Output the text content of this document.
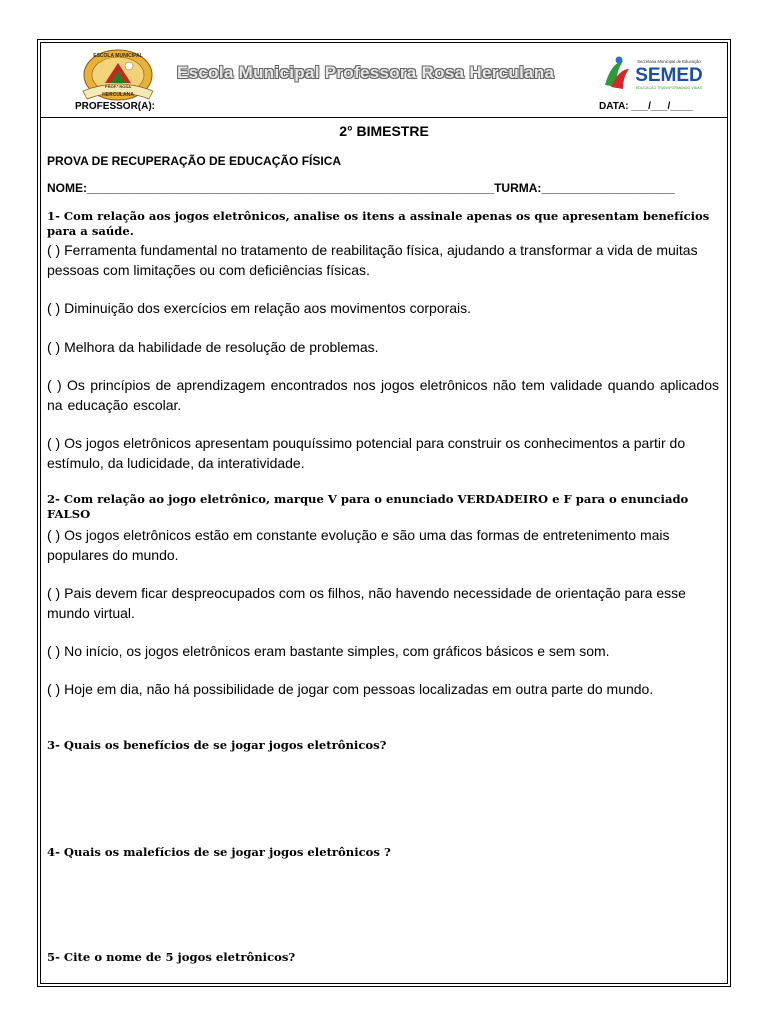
ESCOLA MUNICIPAL
PROF.ª ROSA
HERCULANA
Escola Municipal Professora Rosa Herculana
Secretaria Municipal de Educação
SEMED
EDUCAÇÃO TRANSFORMANDO VIDAS
PROFESSOR(A):	DATA: ___/___/____
2° BIMESTRE
PROVA DE RECUPERAÇÃO DE EDUCAÇÃO FÍSICA
NOME:_____________________________________________________________TURMA:____________________
1- Com relação aos jogos eletrônicos, analise os itens a assinale apenas os que apresentam benefícios para a saúde.
( ) Ferramenta fundamental no tratamento de reabilitação física, ajudando a transformar a vida de muitas pessoas com limitações ou com deficiências físicas.
( ) Diminuição dos exercícios em relação aos movimentos corporais.
( ) Melhora da habilidade de resolução de problemas.
( ) Os princípios de aprendizagem encontrados nos jogos eletrônicos não tem validade quando aplicados na educação escolar.
( ) Os jogos eletrônicos apresentam pouquíssimo potencial para construir os conhecimentos a partir do estímulo, da ludicidade, da interatividade.
2- Com relação ao jogo eletrônico, marque V para o enunciado VERDADEIRO e F para o enunciado FALSO
( ) Os jogos eletrônicos estão em constante evolução e são uma das formas de entretenimento mais populares do mundo.
( ) Pais devem ficar despreocupados com os filhos, não havendo necessidade de orientação para esse mundo virtual.
( ) No início, os jogos eletrônicos eram bastante simples, com gráficos básicos e sem som.
( ) Hoje em dia, não há possibilidade de jogar com pessoas localizadas em outra parte do mundo.
3- Quais os benefícios de se jogar jogos eletrônicos?
4- Quais os malefícios de se jogar jogos eletrônicos ?
5- Cite o nome de 5 jogos eletrônicos?
